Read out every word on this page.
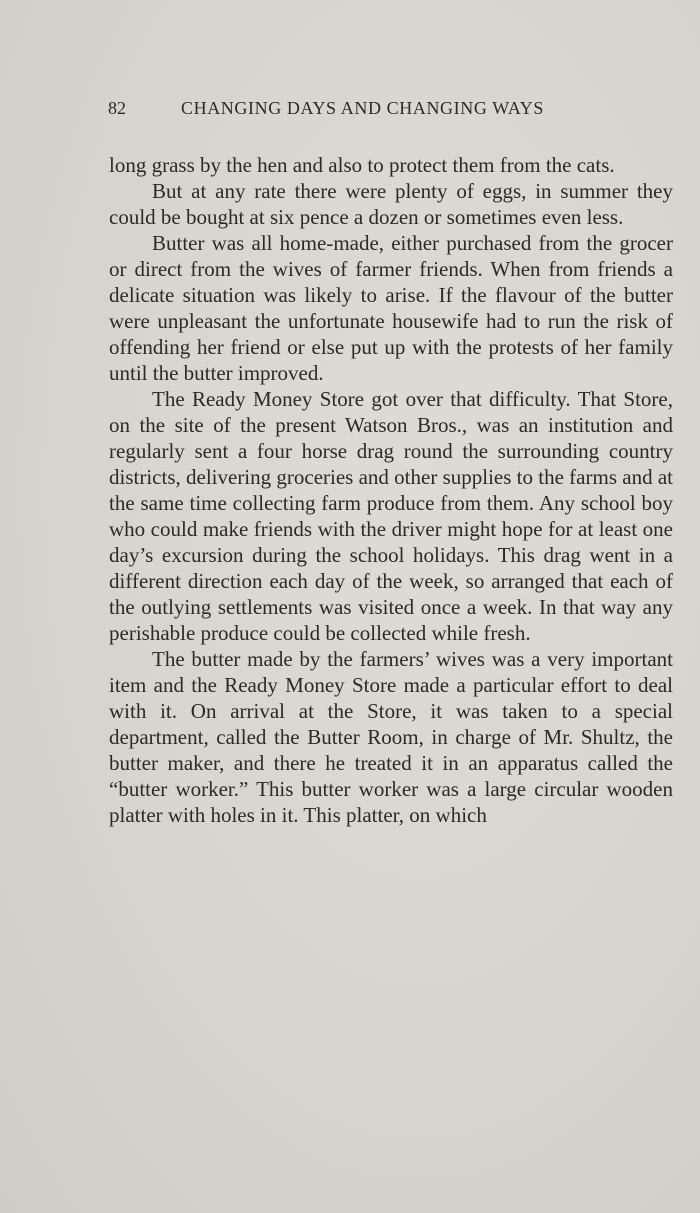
82	CHANGING DAYS AND CHANGING WAYS

long grass by the hen and also to protect them from the cats.

But at any rate there were plenty of eggs, in summer they could be bought at six pence a dozen or sometimes even less.

Butter was all home-made, either purchased from the grocer or direct from the wives of farmer friends. When from friends a delicate situation was likely to arise. If the flavour of the butter were unpleasant the unfortunate housewife had to run the risk of offending her friend or else put up with the protests of her family until the butter improved.

The Ready Money Store got over that difficulty. That Store, on the site of the present Watson Bros., was an institution and regularly sent a four horse drag round the surrounding country districts, delivering groceries and other supplies to the farms and at the same time collecting farm produce from them. Any school boy who could make friends with the driver might hope for at least one day’s excursion during the school holidays. This drag went in a different direction each day of the week, so arranged that each of the outlying settlements was visited once a week. In that way any perishable produce could be collected while fresh.

The butter made by the farmers’ wives was a very important item and the Ready Money Store made a particular effort to deal with it. On arrival at the Store, it was taken to a special department, called the Butter Room, in charge of Mr. Shultz, the butter maker, and there he treated it in an apparatus called the “butter worker.” This butter worker was a large circular wooden platter with holes in it. This platter, on which
